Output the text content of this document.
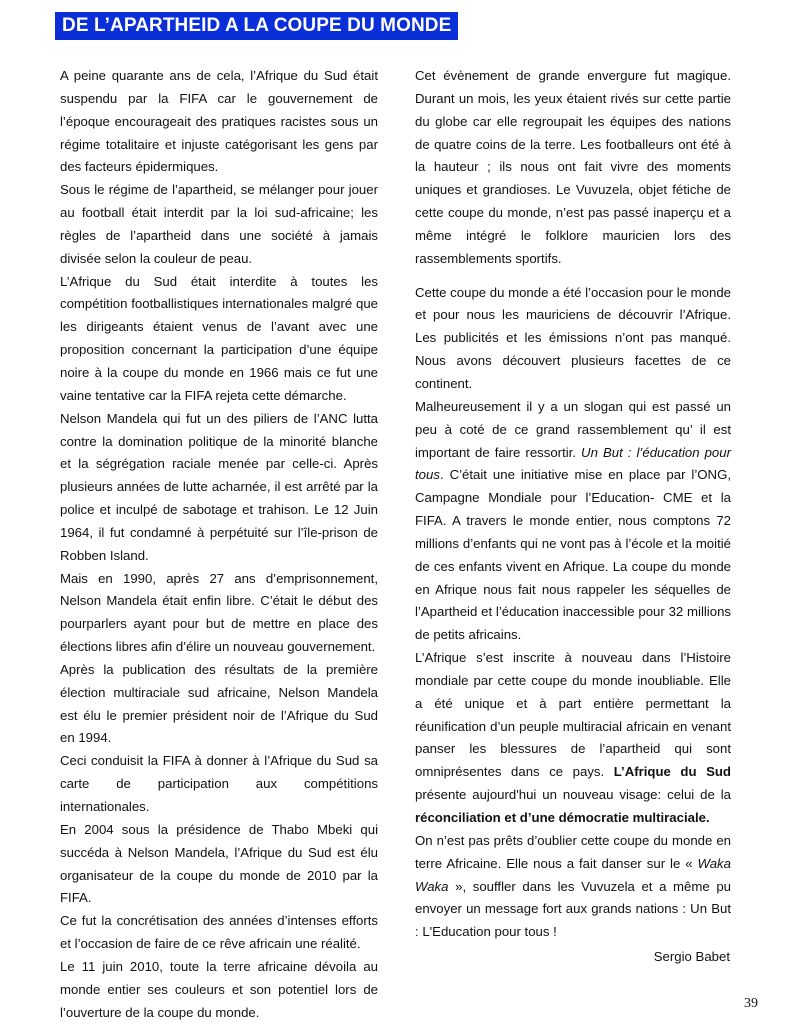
DE L’APARTHEID A LA COUPE DU MONDE

A peine quarante ans de cela, l’Afrique du Sud était suspendu par la FIFA car le gouvernement de l’époque encourageait des pratiques racistes sous un régime totalitaire et injuste catégorisant les gens par des facteurs épidermiques.

Sous le régime de l’apartheid, se mélanger pour jouer au football était interdit par la loi sud-africaine; les règles de l’apartheid dans une société à jamais divisée selon la couleur de peau.

L’Afrique du Sud était interdite à toutes les compétition footballistiques internationales malgré que les dirigeants étaient venus de l’avant avec une proposition concernant la participation d’une équipe noire à la coupe du monde en 1966 mais ce fut une vaine tentative car la FIFA rejeta cette démarche.

Nelson Mandela qui fut un des piliers de l’ANC lutta contre la domination politique de la minorité blanche et la ségrégation raciale menée par celle-ci. Après plusieurs années de lutte acharnée, il est arrêté par la police et inculpé de sabotage et trahison. Le 12 Juin 1964, il fut condamné à perpétuité sur l’île-prison de Robben Island.

Mais en 1990, après 27 ans d’emprisonnement, Nelson Mandela était enfin libre. C’était le début des pourparlers ayant pour but de mettre en place des élections libres afin d’élire un nouveau gouvernement.

Après la publication des résultats de la première élection multiraciale sud africaine, Nelson Mandela est élu le premier président noir de l’Afrique du Sud en 1994.

Ceci conduisit la FIFA à donner à l’Afrique du Sud sa carte de participation aux compétitions internationales.

En 2004 sous la présidence de Thabo Mbeki qui succéda à Nelson Mandela, l’Afrique du Sud est élu organisateur de la coupe du monde de 2010 par la FIFA.

Ce fut la concrétisation des années d’intenses efforts et l’occasion de faire de ce rêve africain une réalité.

Le 11 juin 2010, toute la terre africaine dévoila au monde entier ses couleurs et son potentiel lors de l’ouverture de la coupe du monde.

Cet évènement de grande envergure fut magique. Durant un mois, les yeux étaient rivés sur cette partie du globe car elle regroupait les équipes des nations de quatre coins de la terre. Les footballeurs ont été à la hauteur ; ils nous ont fait vivre des moments uniques et grandioses. Le Vuvuzela, objet fétiche de cette coupe du monde, n’est pas passé inaperçu et a même intégré le folklore mauricien lors des rassemblements sportifs.

Cette coupe du monde a été l’occasion pour le monde et pour nous les mauriciens de découvrir l’Afrique. Les publicités et les émissions n’ont pas manqué. Nous avons découvert plusieurs facettes de ce continent.

Malheureusement il y a un slogan qui est passé un peu à coté de ce grand rassemblement qu’ il est important de faire ressortir. Un But : l’éducation pour tous. C’était une initiative mise en place par l’ONG, Campagne Mondiale pour l’Education- CME et la FIFA. A travers le monde entier, nous comptons 72 millions d’enfants qui ne vont pas à l’école et la moitié de ces enfants vivent en Afrique. La coupe du monde en Afrique nous fait nous rappeler les séquelles de l’Apartheid et l’éducation inaccessible pour 32 millions de petits africains.

L’Afrique s’est inscrite à nouveau dans l’Histoire mondiale par cette coupe du monde inoubliable. Elle a été unique et à part entière permettant la réunification d’un peuple multiracial africain en venant panser les blessures de l’apartheid qui sont omniprésentes dans ce pays. L’Afrique du Sud présente aujourd'hui un nouveau visage: celui de la réconciliation et d’une démocratie multiraciale.

On n’est pas prêts d’oublier cette coupe du monde en terre Africaine. Elle nous a fait danser sur le « Waka Waka », souffler dans les Vuvuzela et a même pu envoyer un message fort aux grands nations : Un But : L'Education pour tous !

Sergio Babet
39
